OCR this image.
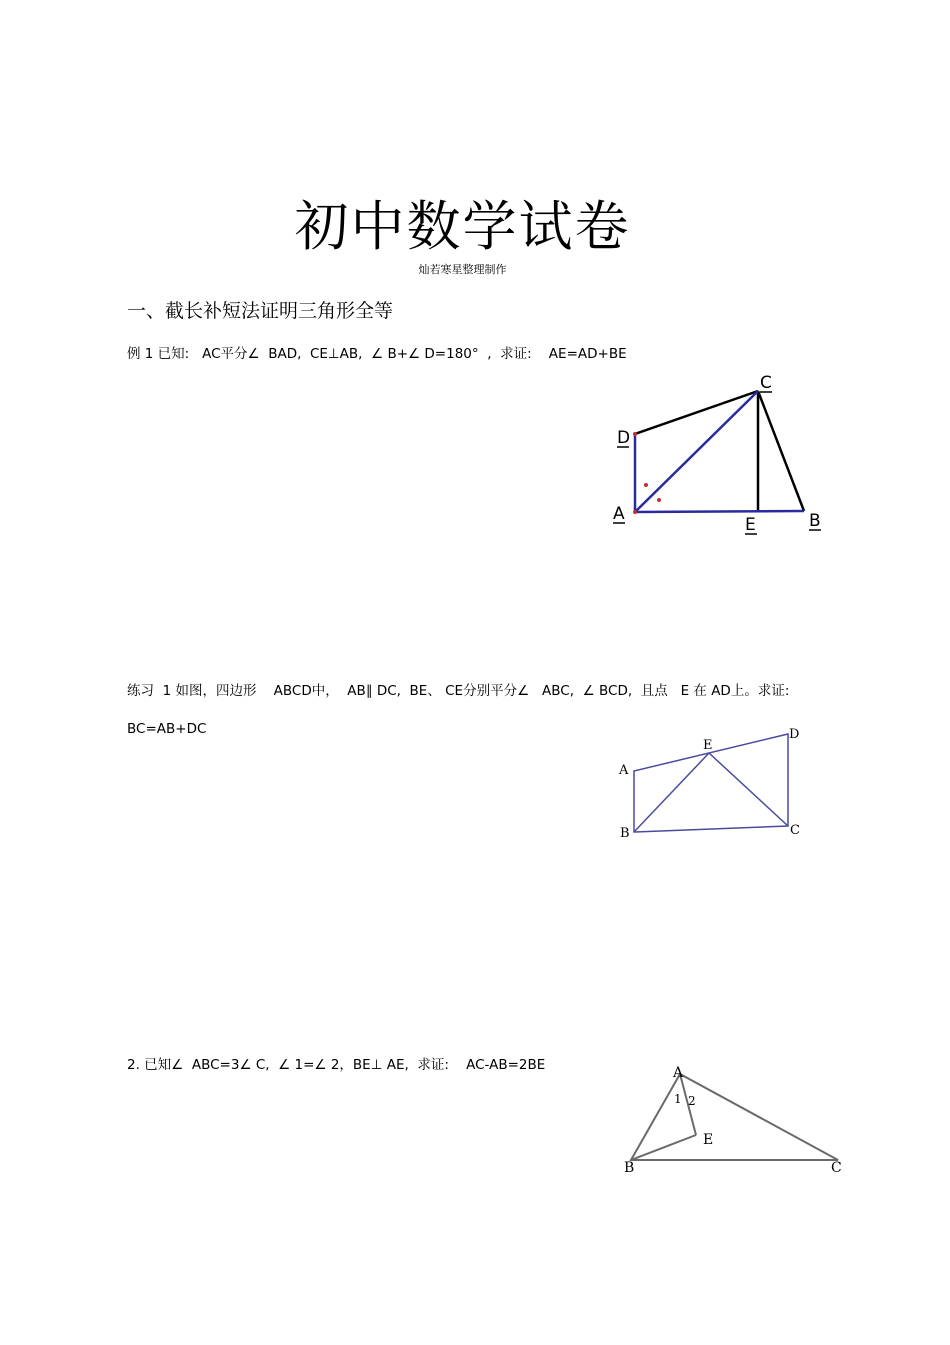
初中数学试卷
灿若寒星整理制作
一、截长补短法证明三角形全等
例 1 已知:   AC平分∠  BAD,  CE⊥AB,  ∠ B+∠ D=180°  ,  求证:    AE=AD+BE
C
D
A
E	B
练习  1 如图，四边形    ABCD中，  AB∥ DC,  BE、 CE分别平分∠   ABC,  ∠ BCD,  且点   E 在 AD上。求证:
BC=AB+DC
A
B	C
D
E
2. 已知∠  ABC=3∠ C,  ∠ 1=∠ 2，BE⊥ AE,  求证:    AC-AB=2BE	A
B	C
E
1 2
